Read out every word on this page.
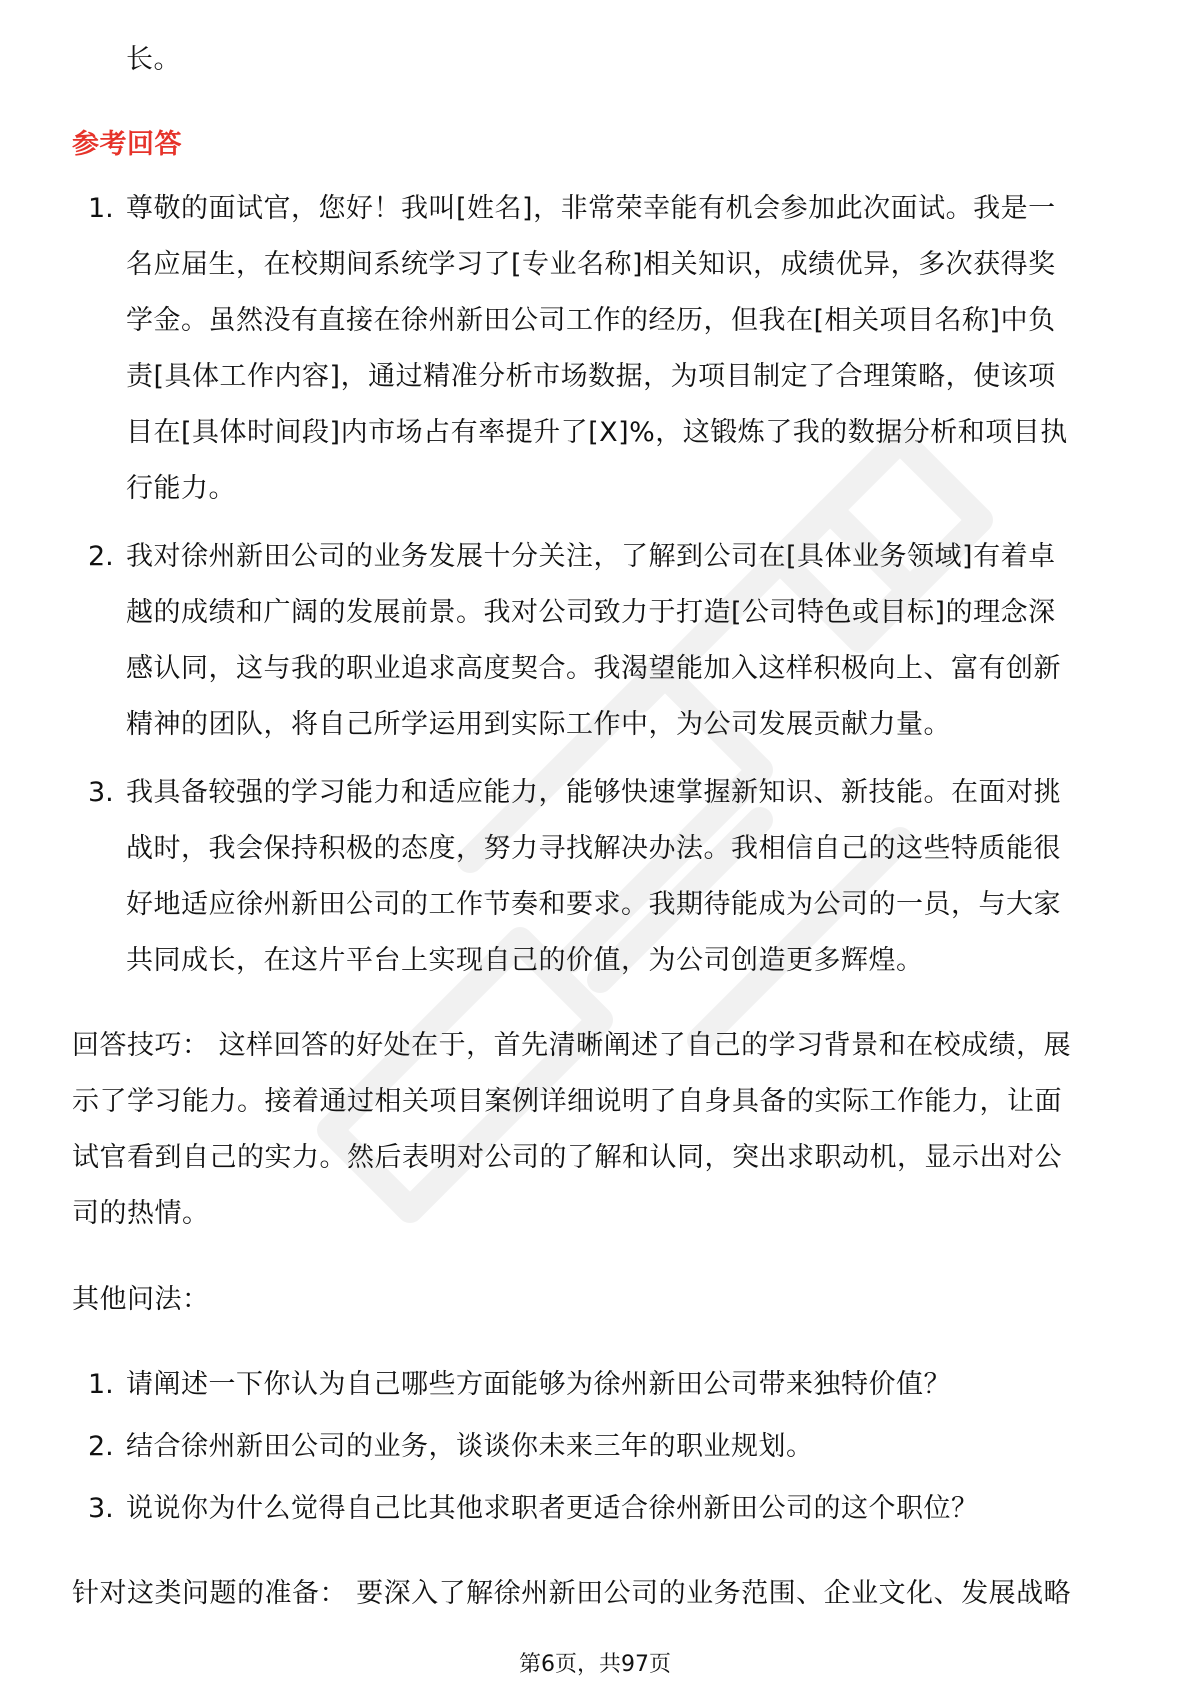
长。
参考回答
1. 尊敬的面试官，您好！我叫[姓名]，非常荣幸能有机会参加此次面试。我是一
名应届生，在校期间系统学习了[专业名称]相关知识，成绩优异，多次获得奖
学金。虽然没有直接在徐州新田公司工作的经历，但我在[相关项目名称]中负
责[具体工作内容]，通过精准分析市场数据，为项目制定了合理策略，使该项
目在[具体时间段]内市场占有率提升了[X]%，这锻炼了我的数据分析和项目执
行能力。
2. 我对徐州新田公司的业务发展十分关注，了解到公司在[具体业务领域]有着卓
越的成绩和广阔的发展前景。我对公司致力于打造[公司特色或目标]的理念深
感认同，这与我的职业追求高度契合。我渴望能加入这样积极向上、富有创新
精神的团队，将自己所学运用到实际工作中，为公司发展贡献力量。
3. 我具备较强的学习能力和适应能力，能够快速掌握新知识、新技能。在面对挑
战时，我会保持积极的态度，努力寻找解决办法。我相信自己的这些特质能很
好地适应徐州新田公司的工作节奏和要求。我期待能成为公司的一员，与大家
共同成长，在这片平台上实现自己的价值，为公司创造更多辉煌。
回答技巧： 这样回答的好处在于，首先清晰阐述了自己的学习背景和在校成绩，展
示了学习能力。接着通过相关项目案例详细说明了自身具备的实际工作能力，让面
试官看到自己的实力。然后表明对公司的了解和认同，突出求职动机，显示出对公
司的热情。
其他问法：
1. 请阐述一下你认为自己哪些方面能够为徐州新田公司带来独特价值？
2. 结合徐州新田公司的业务，谈谈你未来三年的职业规划。
3. 说说你为什么觉得自己比其他求职者更适合徐州新田公司的这个职位？
针对这类问题的准备： 要深入了解徐州新田公司的业务范围、企业文化、发展战略
第6页，共97页
